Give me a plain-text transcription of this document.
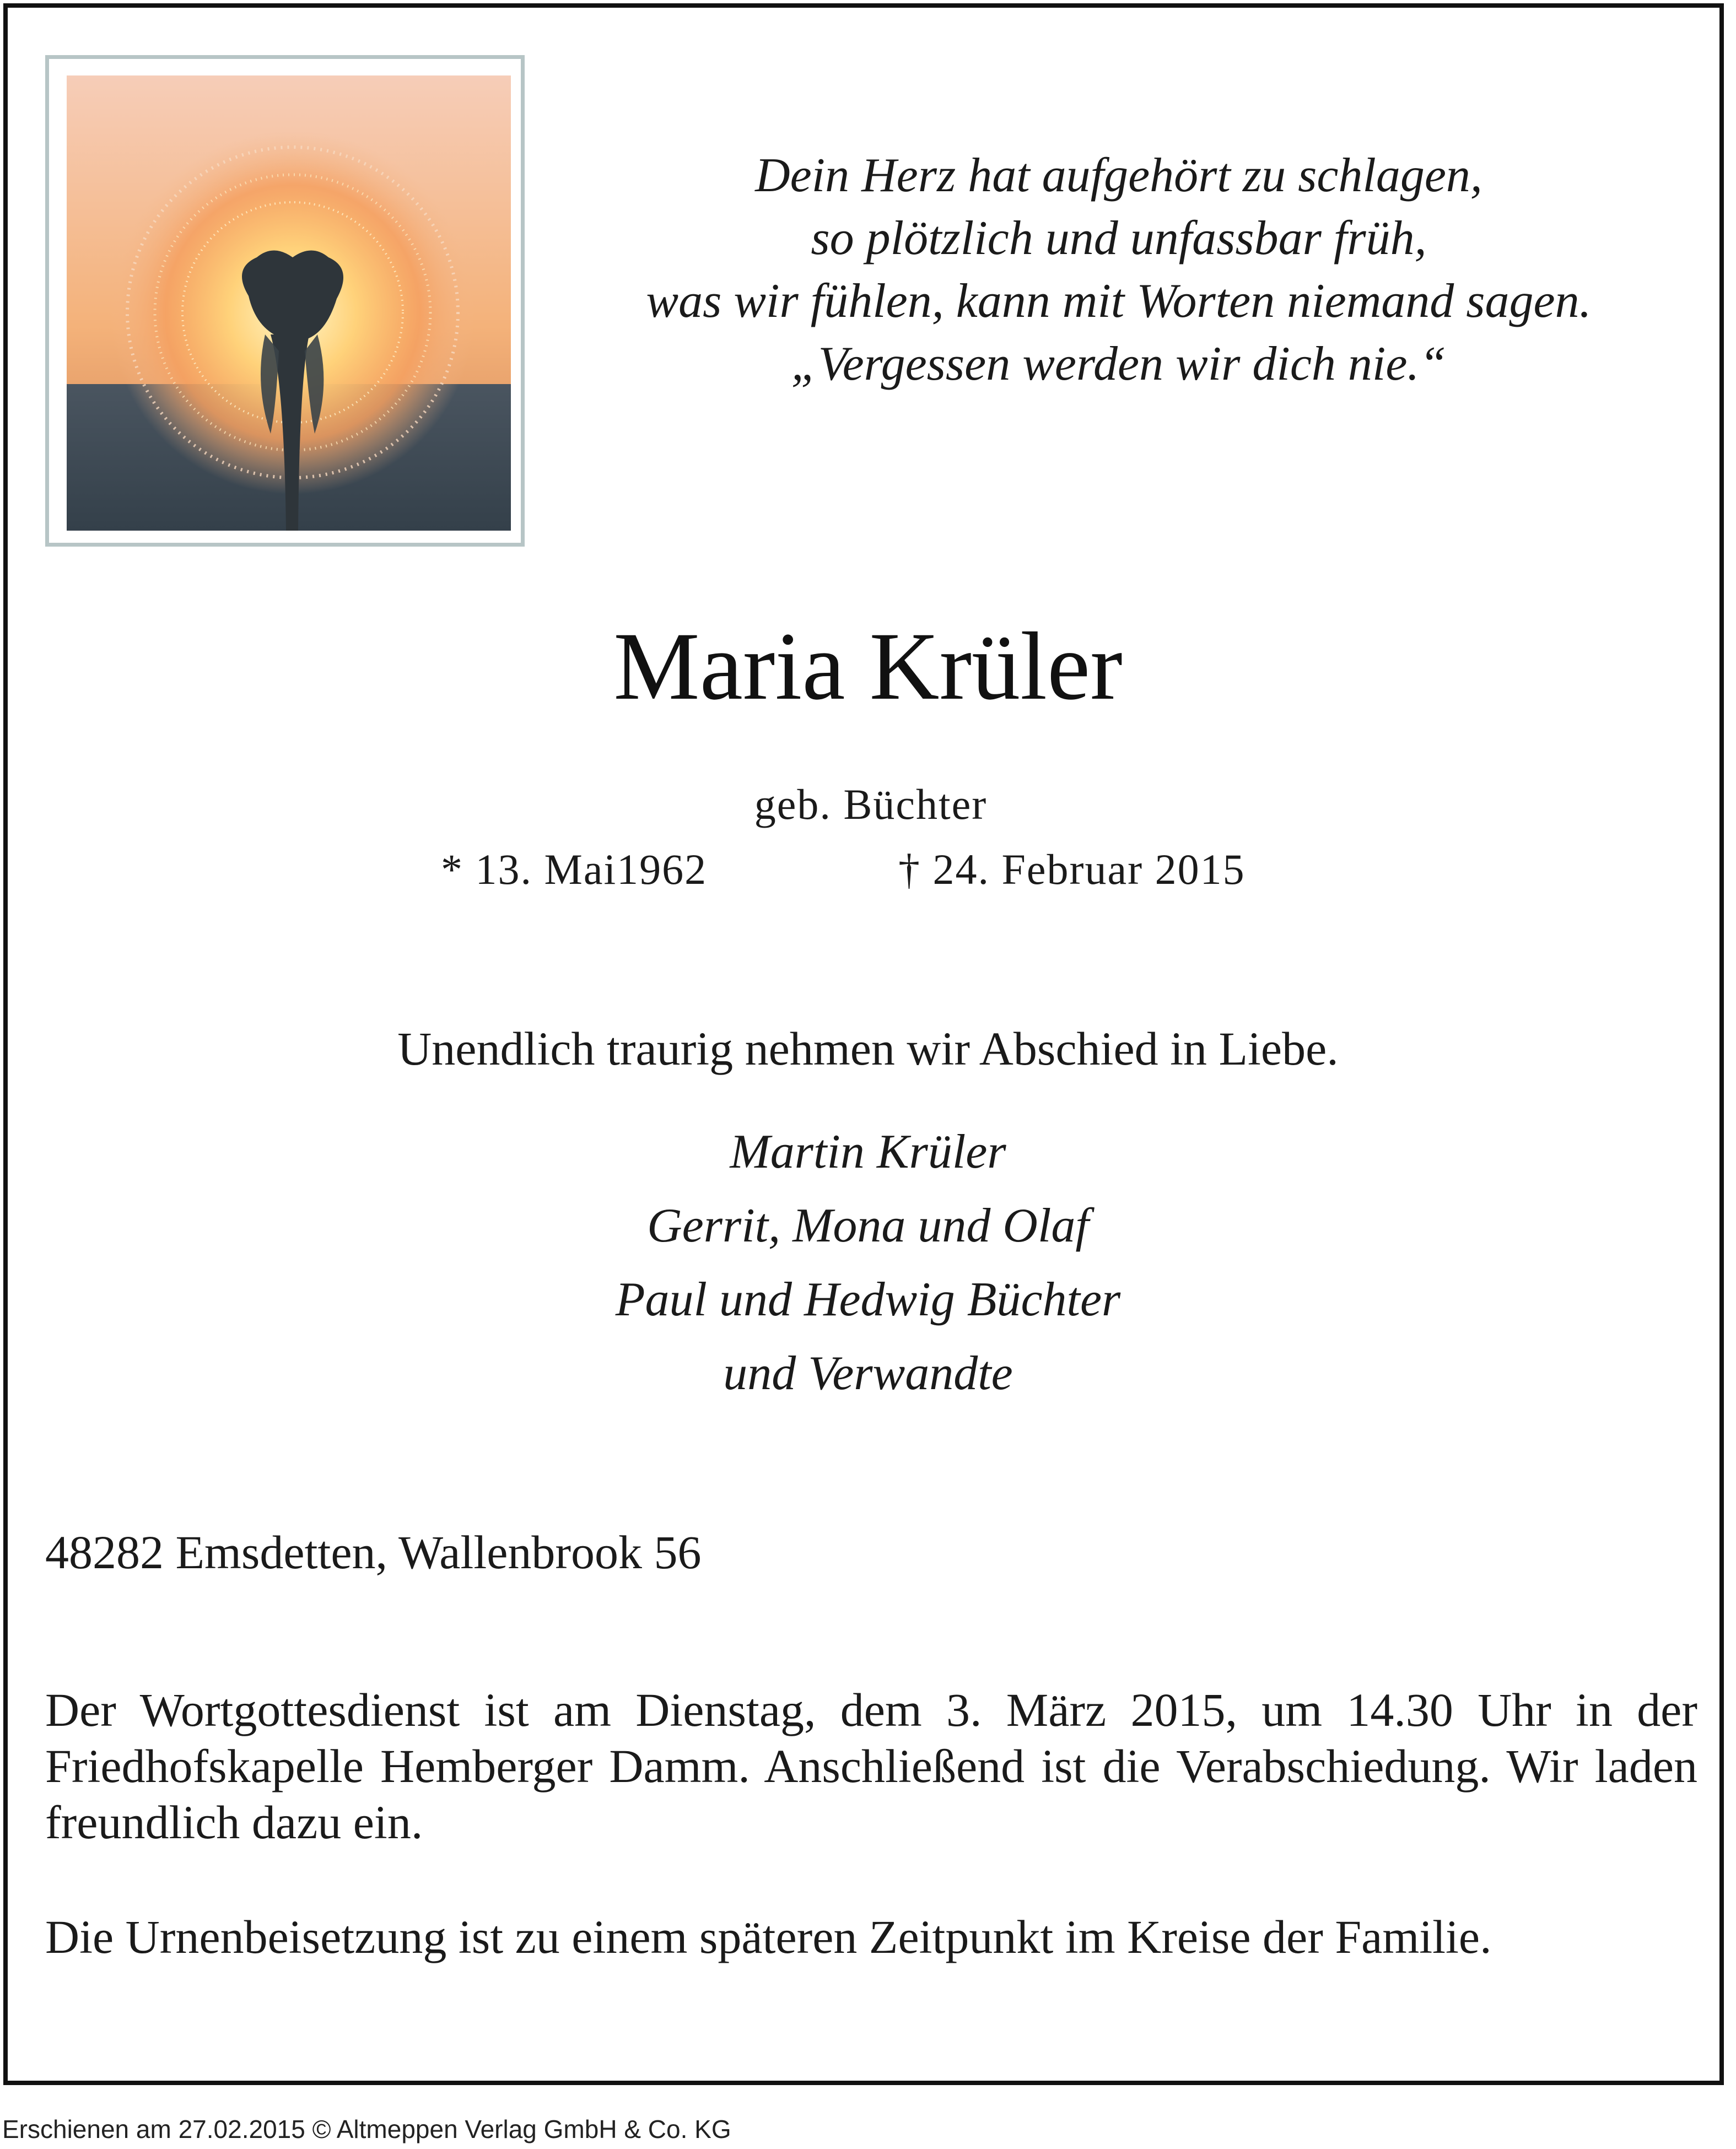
Dein Herz hat aufgehört zu schlagen,
so plötzlich und unfassbar früh,
was wir fühlen, kann mit Worten niemand sagen.
„Vergessen werden wir dich nie.“
Maria Krüler
geb. Büchter
* 13. Mai1962	† 24. Februar 2015
Unendlich traurig nehmen wir Abschied in Liebe.
Martin Krüler
Gerrit, Mona und Olaf
Paul und Hedwig Büchter
und Verwandte
48282 Emsdetten, Wallenbrook 56
Der Wortgottesdienst ist am Dienstag, dem 3. März 2015, um 14.30 Uhr in der Friedhofskapelle Hemberger Damm. Anschließend ist die Verabschiedung. Wir laden freundlich dazu ein.
Die Urnenbeisetzung ist zu einem späteren Zeitpunkt im Kreise der Familie.
Erschienen am 27.02.2015 © Altmeppen Verlag GmbH & Co. KG
